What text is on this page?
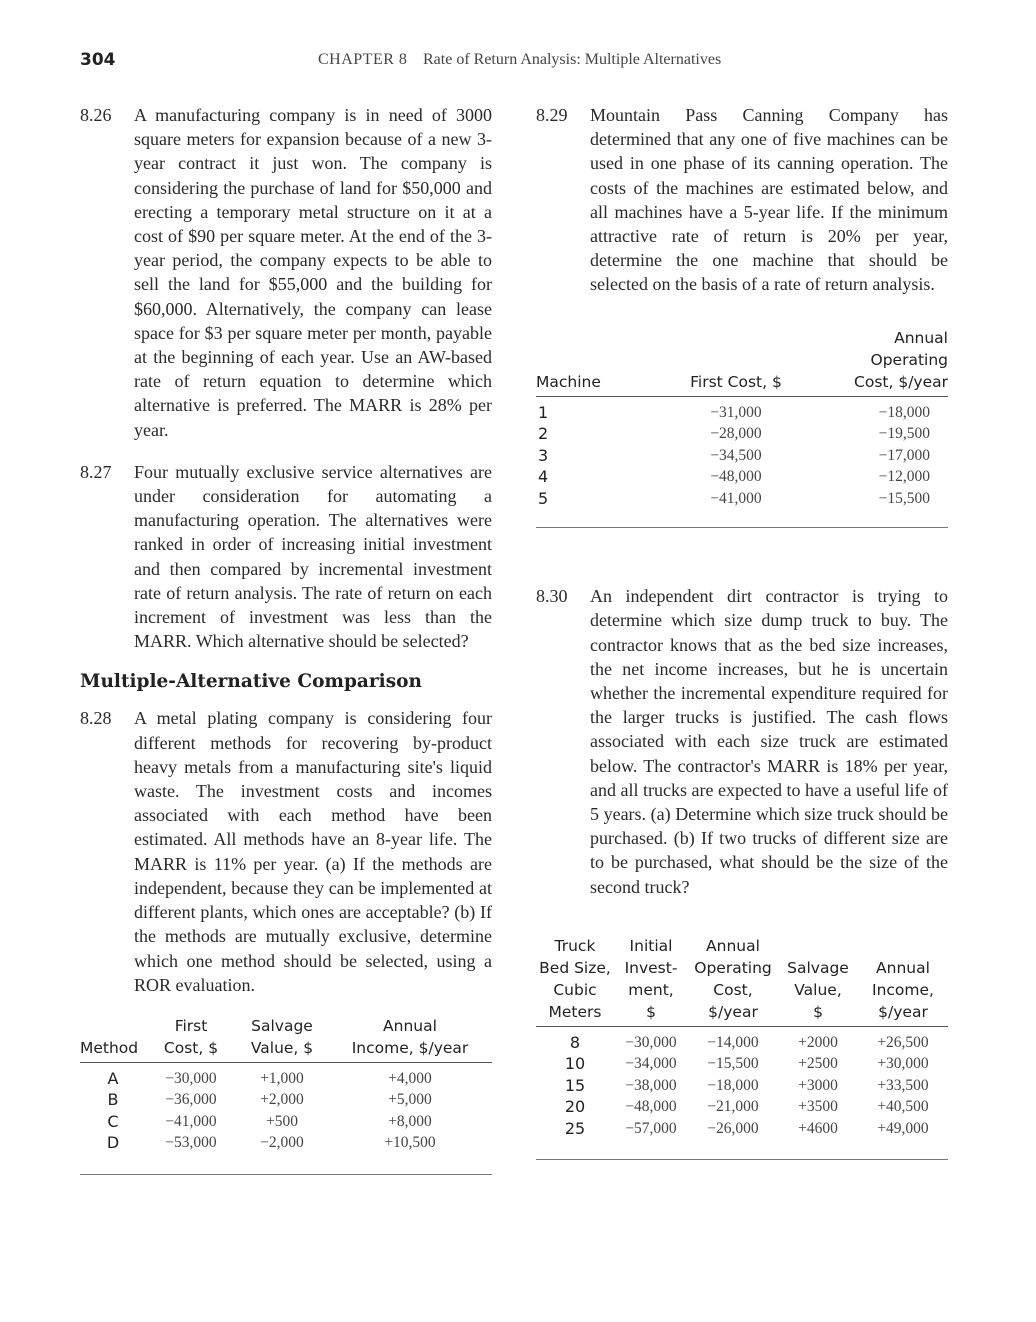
304	CHAPTER 8 Rate of Return Analysis: Multiple Alternatives
8.26 A manufacturing company is in need of 3000 square meters for expansion because of a new 3-year contract it just won. The company is considering the purchase of land for $50,000 and erecting a temporary metal structure on it at a cost of $90 per square meter. At the end of the 3-year period, the company expects to be able to sell the land for $55,000 and the building for $60,000. Alternatively, the company can lease space for $3 per square meter per month, payable at the beginning of each year. Use an AW-based rate of return equation to determine which alternative is preferred. The MARR is 28% per year.
8.27 Four mutually exclusive service alternatives are under consideration for automating a manufacturing operation. The alternatives were ranked in order of increasing initial investment and then compared by incremental investment rate of return analysis. The rate of return on each increment of investment was less than the MARR. Which alternative should be selected?
Multiple-Alternative Comparison
8.28 A metal plating company is considering four different methods for recovering by-product heavy metals from a manufacturing site's liquid waste. The investment costs and incomes associated with each method have been estimated. All methods have an 8-year life. The MARR is 11% per year. (a) If the methods are independent, because they can be implemented at different plants, which ones are acceptable? (b) If the methods are mutually exclusive, determine which one method should be selected, using a ROR evaluation.
	First	Salvage	Annual
Method	Cost, $	Value, $	Income, $/year
A	−30,000	+1,000	+4,000
B	−36,000	+2,000	+5,000
C	−41,000	+500	+8,000
D	−53,000	−2,000	+10,500
8.29 Mountain Pass Canning Company has determined that any one of five machines can be used in one phase of its canning operation. The costs of the machines are estimated below, and all machines have a 5-year life. If the minimum attractive rate of return is 20% per year, determine the one machine that should be selected on the basis of a rate of return analysis.
		Annual
		Operating
Machine	First Cost, $	Cost, $/year
1	−31,000	−18,000
2	−28,000	−19,500
3	−34,500	−17,000
4	−48,000	−12,000
5	−41,000	−15,500
8.30 An independent dirt contractor is trying to determine which size dump truck to buy. The contractor knows that as the bed size increases, the net income increases, but he is uncertain whether the incremental expenditure required for the larger trucks is justified. The cash flows associated with each size truck are estimated below. The contractor's MARR is 18% per year, and all trucks are expected to have a useful life of 5 years. (a) Determine which size truck should be purchased. (b) If two trucks of different size are to be purchased, what should be the size of the second truck?
Truck	Initial	Annual		
Bed Size,	Invest-	Operating	Salvage	Annual
Cubic	ment,	Cost,	Value,	Income,
Meters	$	$/year	$	$/year
8	−30,000	−14,000	+2000	+26,500
10	−34,000	−15,500	+2500	+30,000
15	−38,000	−18,000	+3000	+33,500
20	−48,000	−21,000	+3500	+40,500
25	−57,000	−26,000	+4600	+49,000
